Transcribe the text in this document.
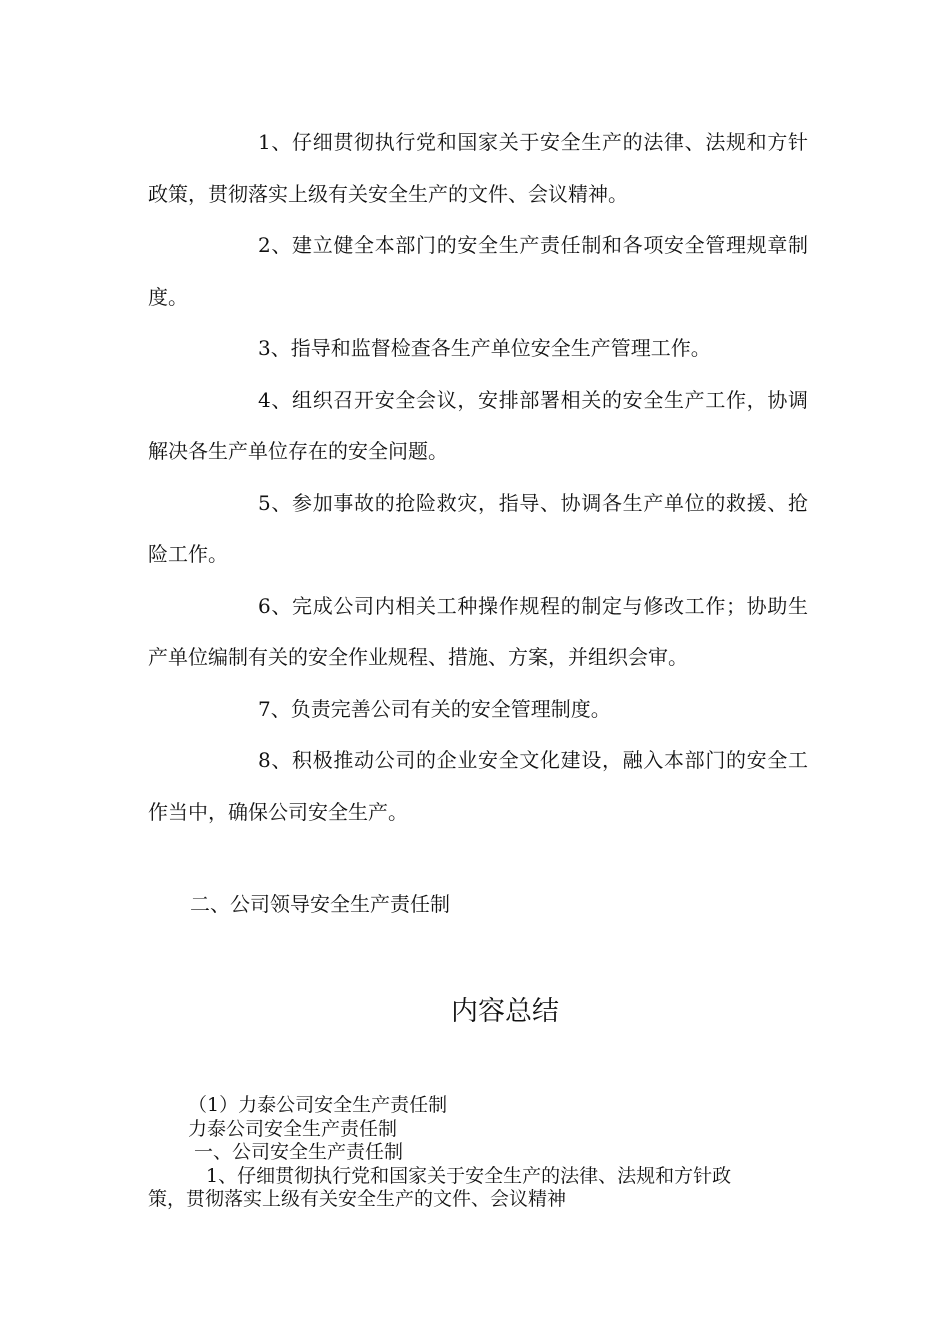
1、仔细贯彻执行党和国家关于安全生产的法律、法规和方针政策，贯彻落实上级有关安全生产的文件、会议精神。

2、建立健全本部门的安全生产责任制和各项安全管理规章制度。

3、指导和监督检查各生产单位安全生产管理工作。

4、组织召开安全会议，安排部署相关的安全生产工作，协调解决各生产单位存在的安全问题。

5、参加事故的抢险救灾，指导、协调各生产单位的救援、抢险工作。

6、完成公司内相关工种操作规程的制定与修改工作；协助生产单位编制有关的安全作业规程、措施、方案，并组织会审。

7、负责完善公司有关的安全管理制度。

8、积极推动公司的企业安全文化建设，融入本部门的安全工作当中，确保公司安全生产。

二、公司领导安全生产责任制
内容总结
（1）力泰公司安全生产责任制
力泰公司安全生产责任制
一、公司安全生产责任制
1、仔细贯彻执行党和国家关于安全生产的法律、法规和方针政
策，贯彻落实上级有关安全生产的文件、会议精神
